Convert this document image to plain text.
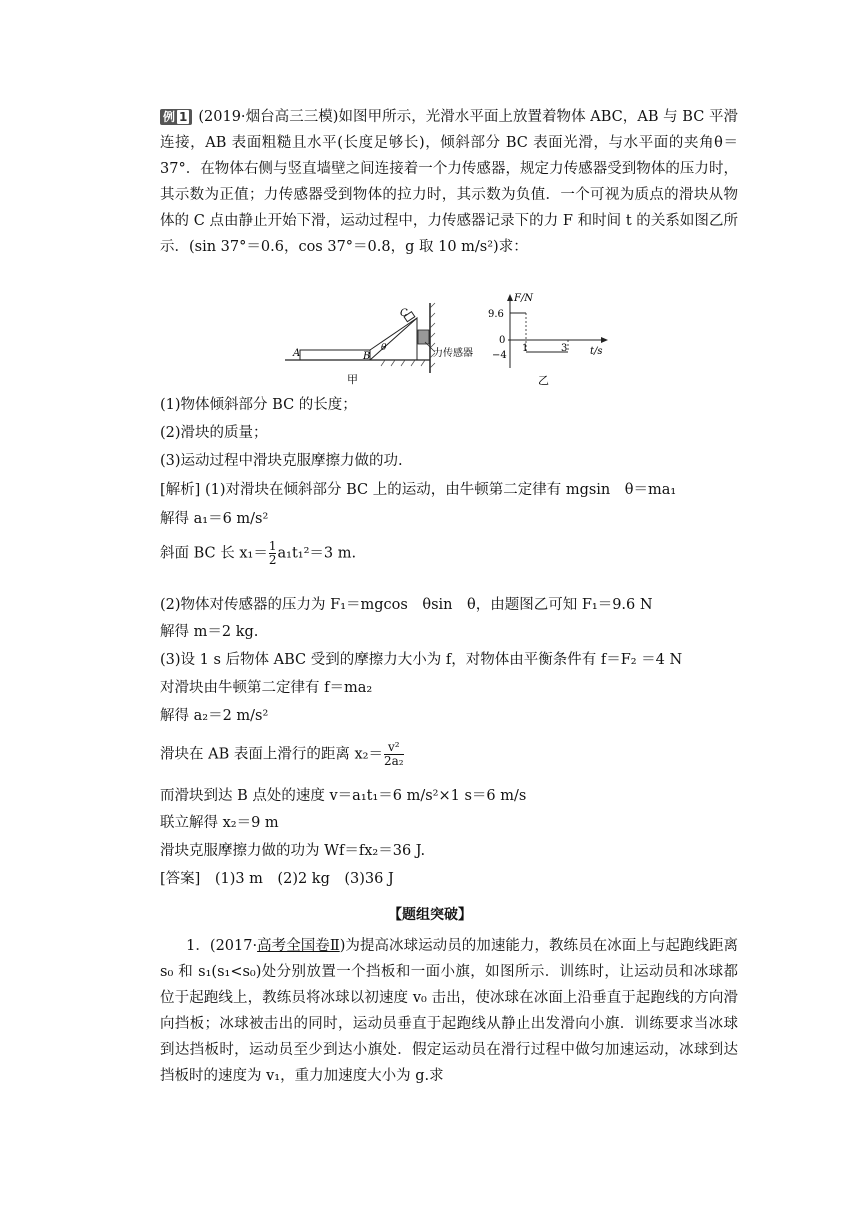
例 1 (2019·烟台高三三模)如图甲所示，光滑水平面上放置着物体 ABC，AB 与 BC 平滑连接，AB 表面粗糙且水平(长度足够长)，倾斜部分 BC 表面光滑，与水平面的夹角θ＝37°．在物体右侧与竖直墙壁之间连接着一个力传感器，规定力传感器受到物体的压力时，其示数为正值；力传感器受到物体的拉力时，其示数为负值．一个可视为质点的滑块从物体的 C 点由静止开始下滑，运动过程中，力传感器记录下的力 F 和时间 t 的关系如图乙所示．(sin 37°＝0.6，cos 37°＝0.8，g 取 10 m/s²)求：
A	B
C
θ	力传感器
甲
F/N
t/s
9.6
0
−4
1	3
乙
(1)物体倾斜部分 BC 的长度；
(2)滑块的质量；
(3)运动过程中滑块克服摩擦力做的功.
[解析] (1)对滑块在倾斜部分 BC 上的运动，由牛顿第二定律有 mgsin　θ＝ma₁
解得 a₁＝6 m/s²
斜面 BC 长 $x_1= \frac{1}{2} a_1t_1^2=3$ m.
(2)物体对传感器的压力为 F₁＝mgcos　θsin　θ，由题图乙可知 F₁＝9.6 N
解得 m＝2 kg.
(3)设 1 s 后物体 ABC 受到的摩擦力大小为 f，对物体由平衡条件有 f＝F₂ ＝4 N
对滑块由牛顿第二定律有 f＝ma₂
解得 a₂＝2 m/s²
滑块在 AB 表面上滑行的距离 $x_2= \frac{\text{v²}}{\text{2a₂}}$
而滑块到达 B 点处的速度 v＝a₁t₁＝6 m/s²×1 s＝6 m/s
联立解得 x₂＝9 m
滑块克服摩擦力做的功为 Wf＝fx₂＝36 J.
[答案]　(1)3 m　(2)2 kg　(3)36 J
【题组突破】
1．(2017·高考全国卷Ⅱ)为提高冰球运动员的加速能力，教练员在冰面上与起跑线距离 s₀ 和 s₁(s₁<s₀)处分别放置一个挡板和一面小旗，如图所示．训练时，让运动员和冰球都位于起跑线上，教练员将冰球以初速度 v₀ 击出，使冰球在冰面上沿垂直于起跑线的方向滑向挡板；冰球被击出的同时，运动员垂直于起跑线从静止出发滑向小旗．训练要求当冰球到达挡板时，运动员至少到达小旗处．假定运动员在滑行过程中做匀加速运动，冰球到达挡板时的速度为 v₁，重力加速度大小为 g.求
